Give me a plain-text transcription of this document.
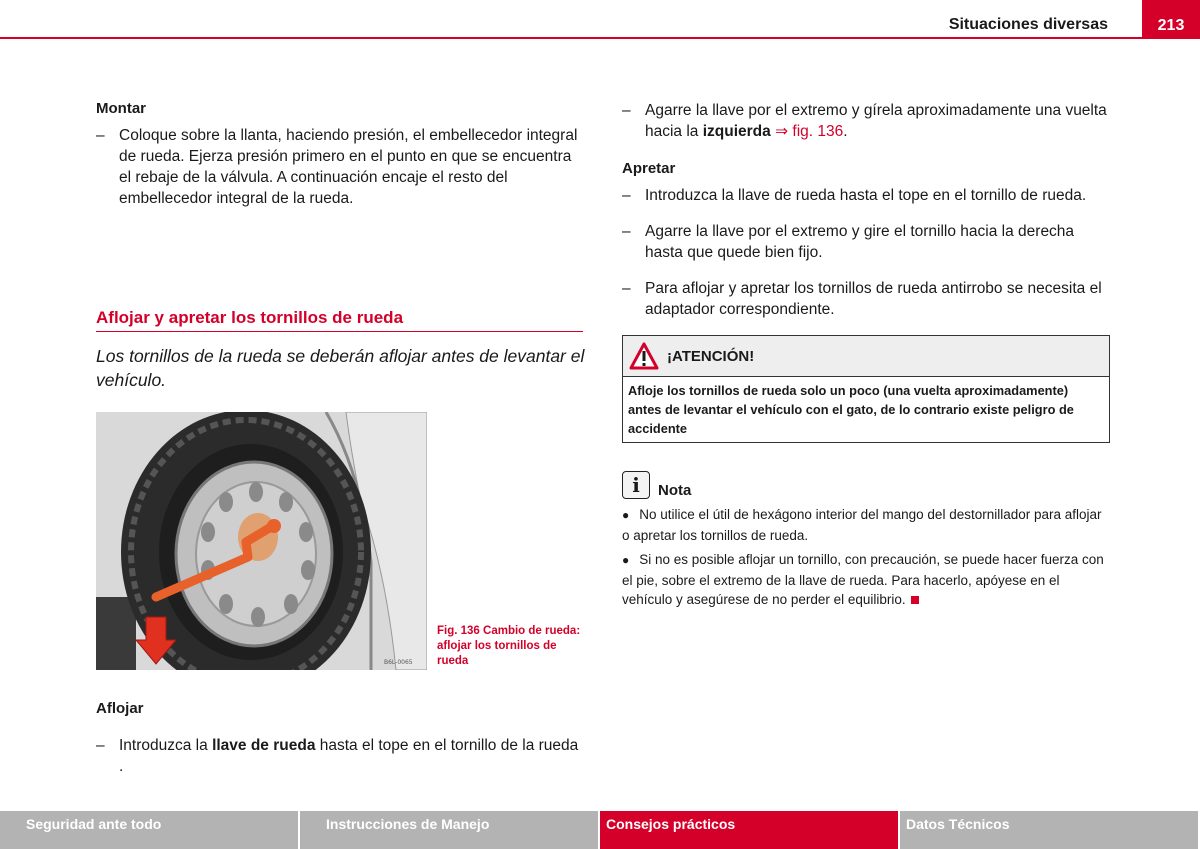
Situaciones diversas	213
Montar
– Coloque sobre la llanta, haciendo presión, el embellecedor integral de rueda. Ejerza presión primero en el punto en que se encuentra el rebaje de la válvula. A continuación encaje el resto del embellecedor integral de la rueda.
Aflojar y apretar los tornillos de rueda
Los tornillos de la rueda se deberán aflojar antes de levantar el vehículo.
B6L-0065
Fig. 136 Cambio de rueda: aflojar los tornillos de rueda
Aflojar
– Introduzca la llave de rueda hasta el tope en el tornillo de la rueda .
– Agarre la llave por el extremo y gírela aproximadamente una vuelta hacia la izquierda ⇒ fig. 136.
Apretar
– Introduzca la llave de rueda hasta el tope en el tornillo de rueda.
– Agarre la llave por el extremo y gire el tornillo hacia la derecha hasta que quede bien fijo.
– Para aflojar y apretar los tornillos de rueda antirrobo se necesita el adaptador correspondiente.
¡ATENCIÓN!
Afloje los tornillos de rueda solo un poco (una vuelta aproximadamente) antes de levantar el vehículo con el gato, de lo contrario existe peligro de accidente
i	Nota
● No utilice el útil de hexágono interior del mango del destornillador para aflojar o apretar los tornillos de rueda.
● Si no es posible aflojar un tornillo, con precaución, se puede hacer fuerza con el pie, sobre el extremo de la llave de rueda. Para hacerlo, apóyese en el vehículo y asegúrese de no perder el equilibrio.
Seguridad ante todo	Instrucciones de Manejo	Consejos prácticos	Datos Técnicos
